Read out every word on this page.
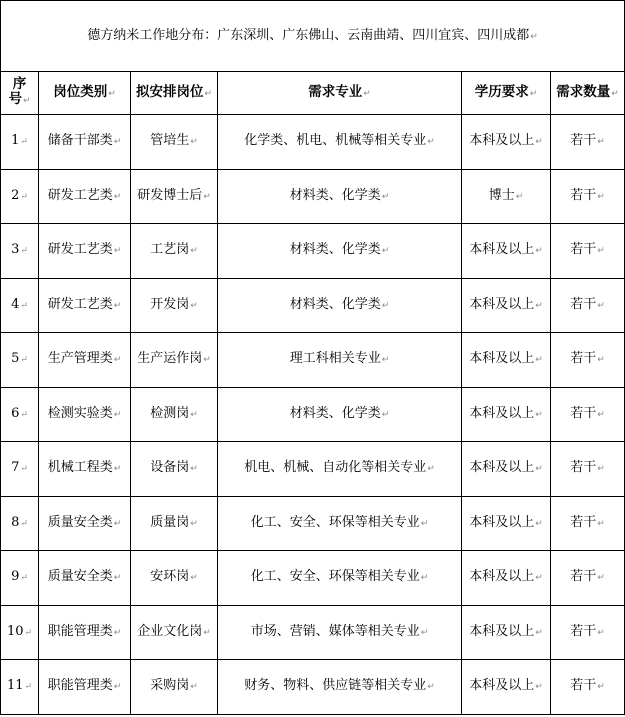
德方纳米工作地分布：广东深圳、广东佛山、云南曲靖、四川宜宾、四川成都↵					
序
号↵	岗位类别↵	拟安排岗位↵	需求专业↵	学历要求↵	需求数量↵
1↵	储备干部类↵	管培生↵	化学类、机电、机械等相关专业↵	本科及以上↵	若干↵
2↵	研发工艺类↵	研发博士后↵	材料类、化学类↵	博士↵	若干↵
3↵	研发工艺类↵	工艺岗↵	材料类、化学类↵	本科及以上↵	若干↵
4↵	研发工艺类↵	开发岗↵	材料类、化学类↵	本科及以上↵	若干↵
5↵	生产管理类↵	生产运作岗↵	理工科相关专业↵	本科及以上↵	若干↵
6↵	检测实验类↵	检测岗↵	材料类、化学类↵	本科及以上↵	若干↵
7↵	机械工程类↵	设备岗↵	机电、机械、自动化等相关专业↵	本科及以上↵	若干↵
8↵	质量安全类↵	质量岗↵	化工、安全、环保等相关专业↵	本科及以上↵	若干↵
9↵	质量安全类↵	安环岗↵	化工、安全、环保等相关专业↵	本科及以上↵	若干↵
10↵	职能管理类↵	企业文化岗↵	市场、营销、媒体等相关专业↵	本科及以上↵	若干↵
11↵	职能管理类↵	采购岗↵	财务、物料、供应链等相关专业↵	本科及以上↵	若干↵
